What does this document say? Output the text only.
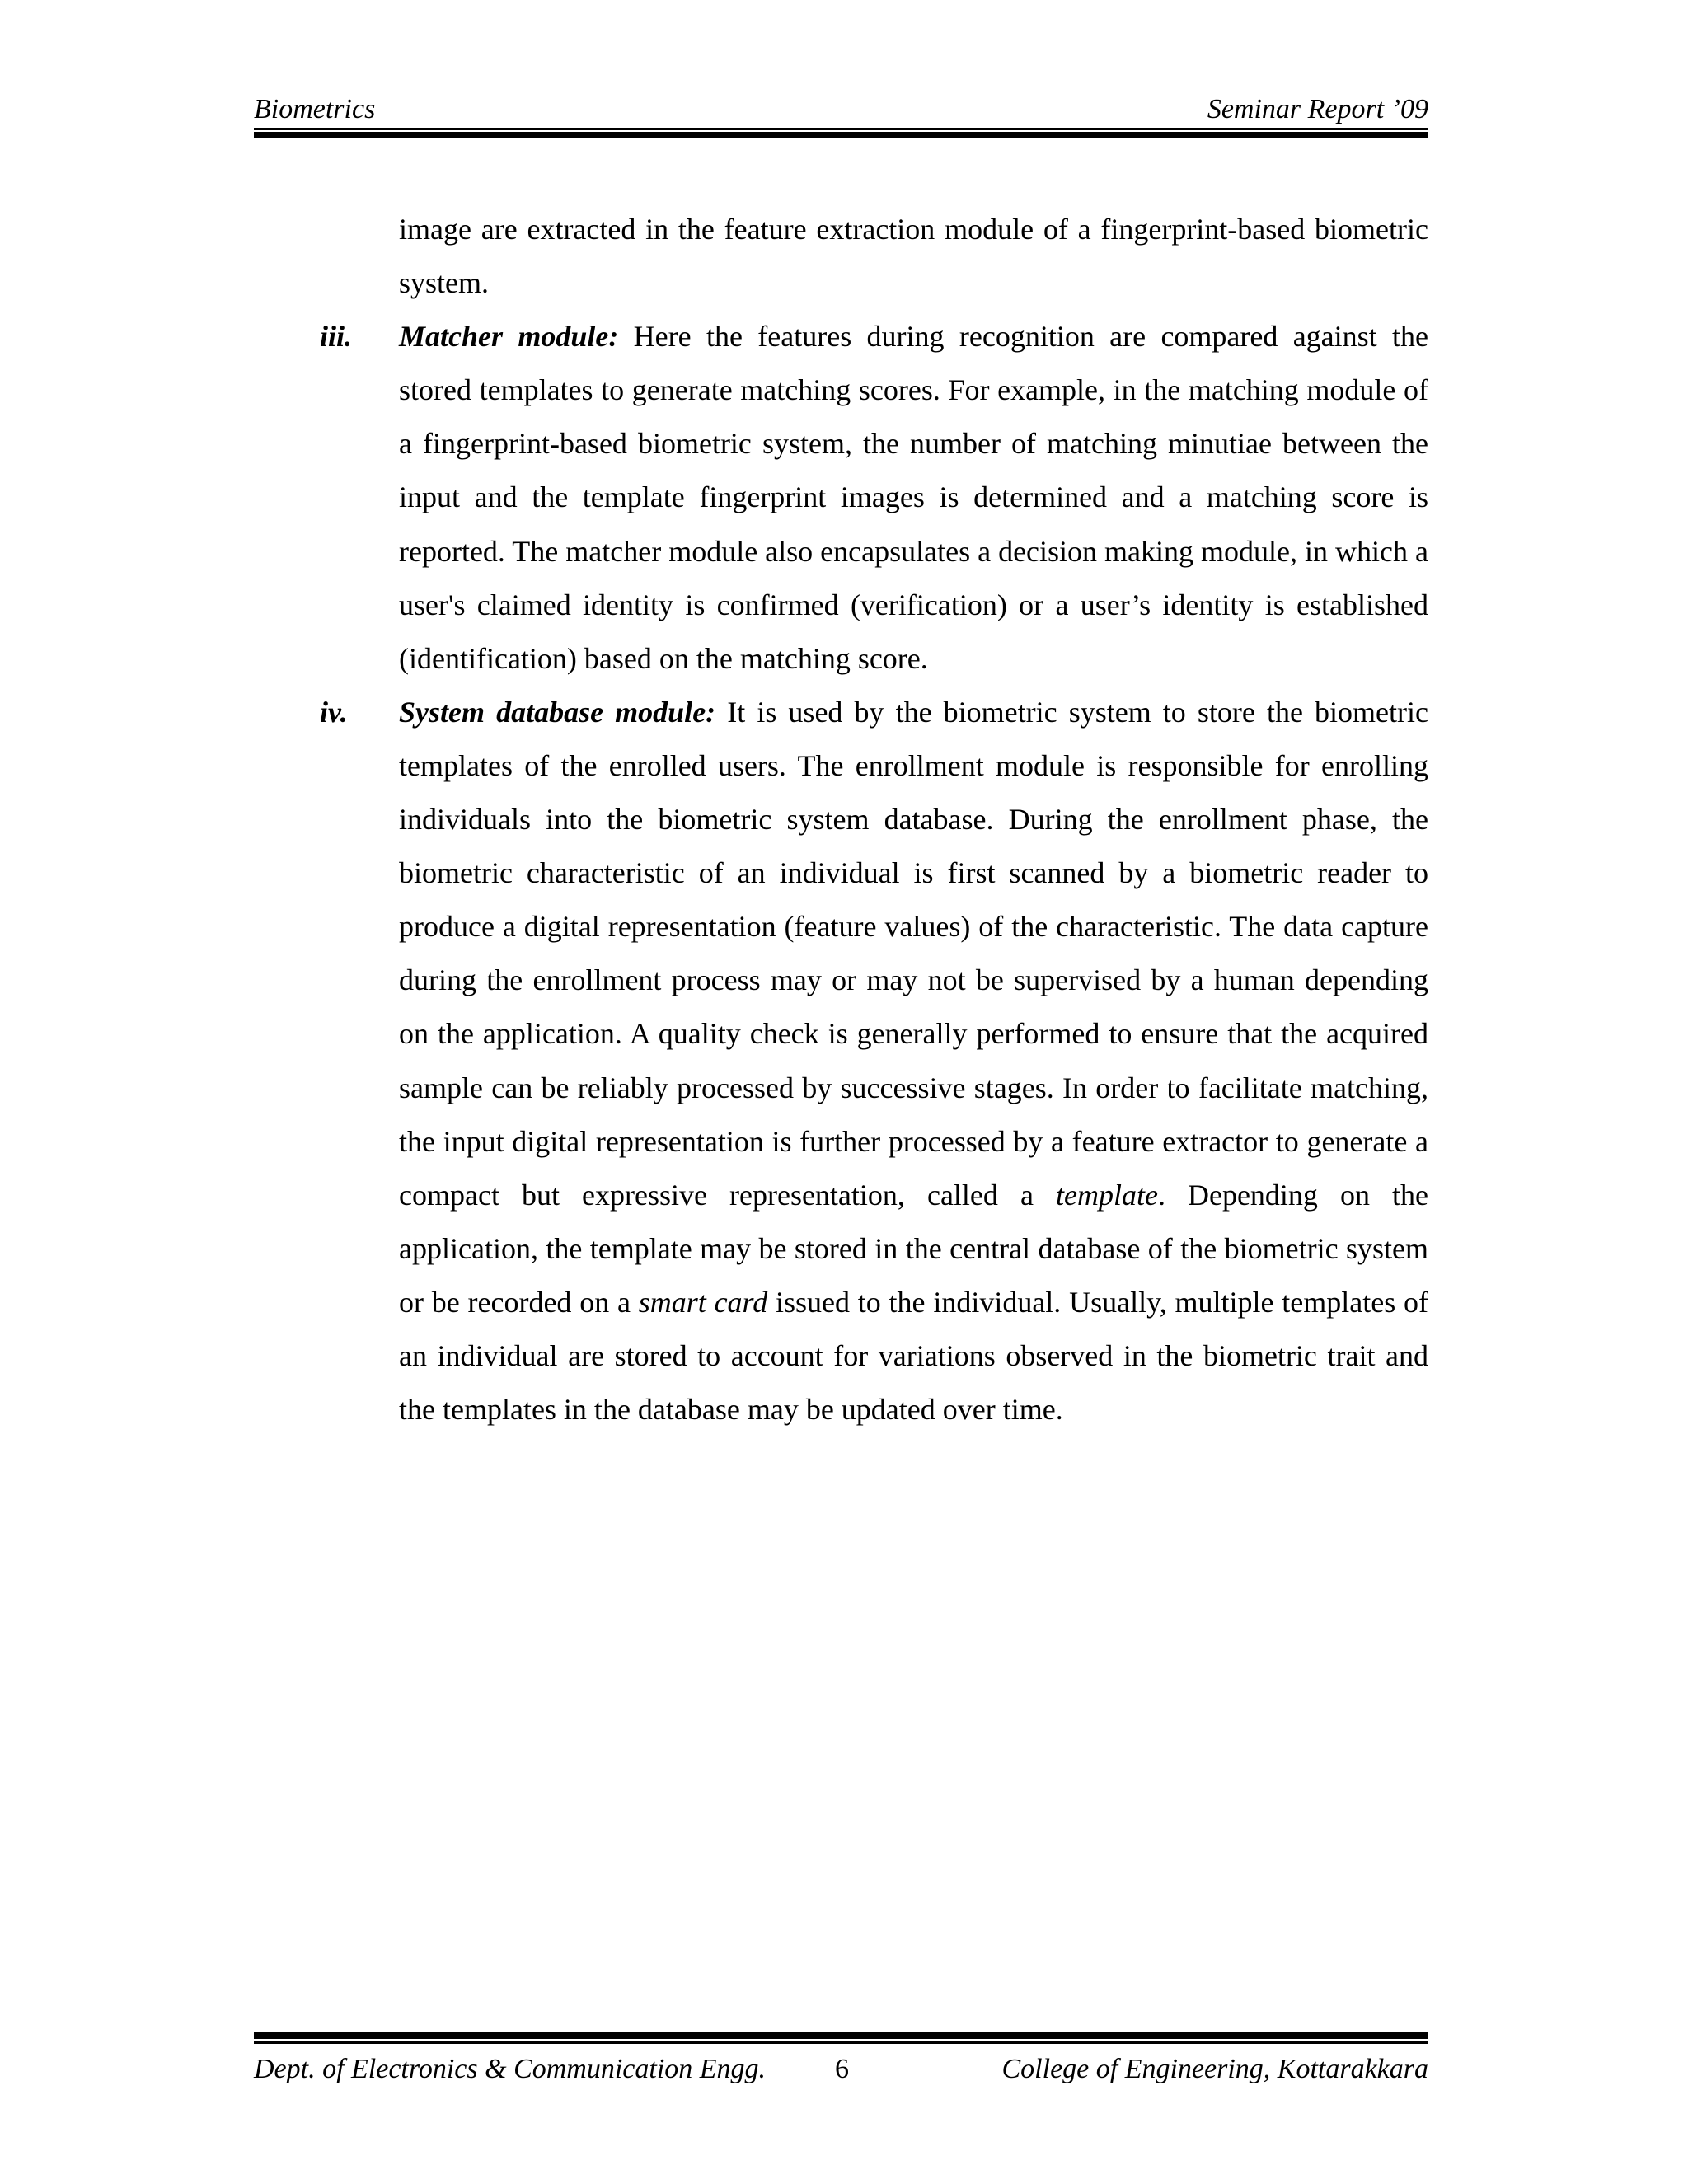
Biometrics	Seminar Report ’09

image are extracted in the feature extraction module of a fingerprint-based biometric system.

iii. Matcher module: Here the features during recognition are compared against the stored templates to generate matching scores. For example, in the matching module of a fingerprint-based biometric system, the number of matching minutiae between the input and the template fingerprint images is determined and a matching score is reported. The matcher module also encapsulates a decision making module, in which a user's claimed identity is confirmed (verification) or a user’s identity is established (identification) based on the matching score.

iv. System database module: It is used by the biometric system to store the biometric templates of the enrolled users. The enrollment module is responsible for enrolling individuals into the biometric system database. During the enrollment phase, the biometric characteristic of an individual is first scanned by a biometric reader to produce a digital representation (feature values) of the characteristic. The data capture during the enrollment process may or may not be supervised by a human depending on the application. A quality check is generally performed to ensure that the acquired sample can be reliably processed by successive stages. In order to facilitate matching, the input digital representation is further processed by a feature extractor to generate a compact but expressive representation, called a template. Depending on the application, the template may be stored in the central database of the biometric system or be recorded on a smart card issued to the individual. Usually, multiple templates of an individual are stored to account for variations observed in the biometric trait and the templates in the database may be updated over time.

Dept. of Electronics & Communication Engg. 6	College of Engineering, Kottarakkara
